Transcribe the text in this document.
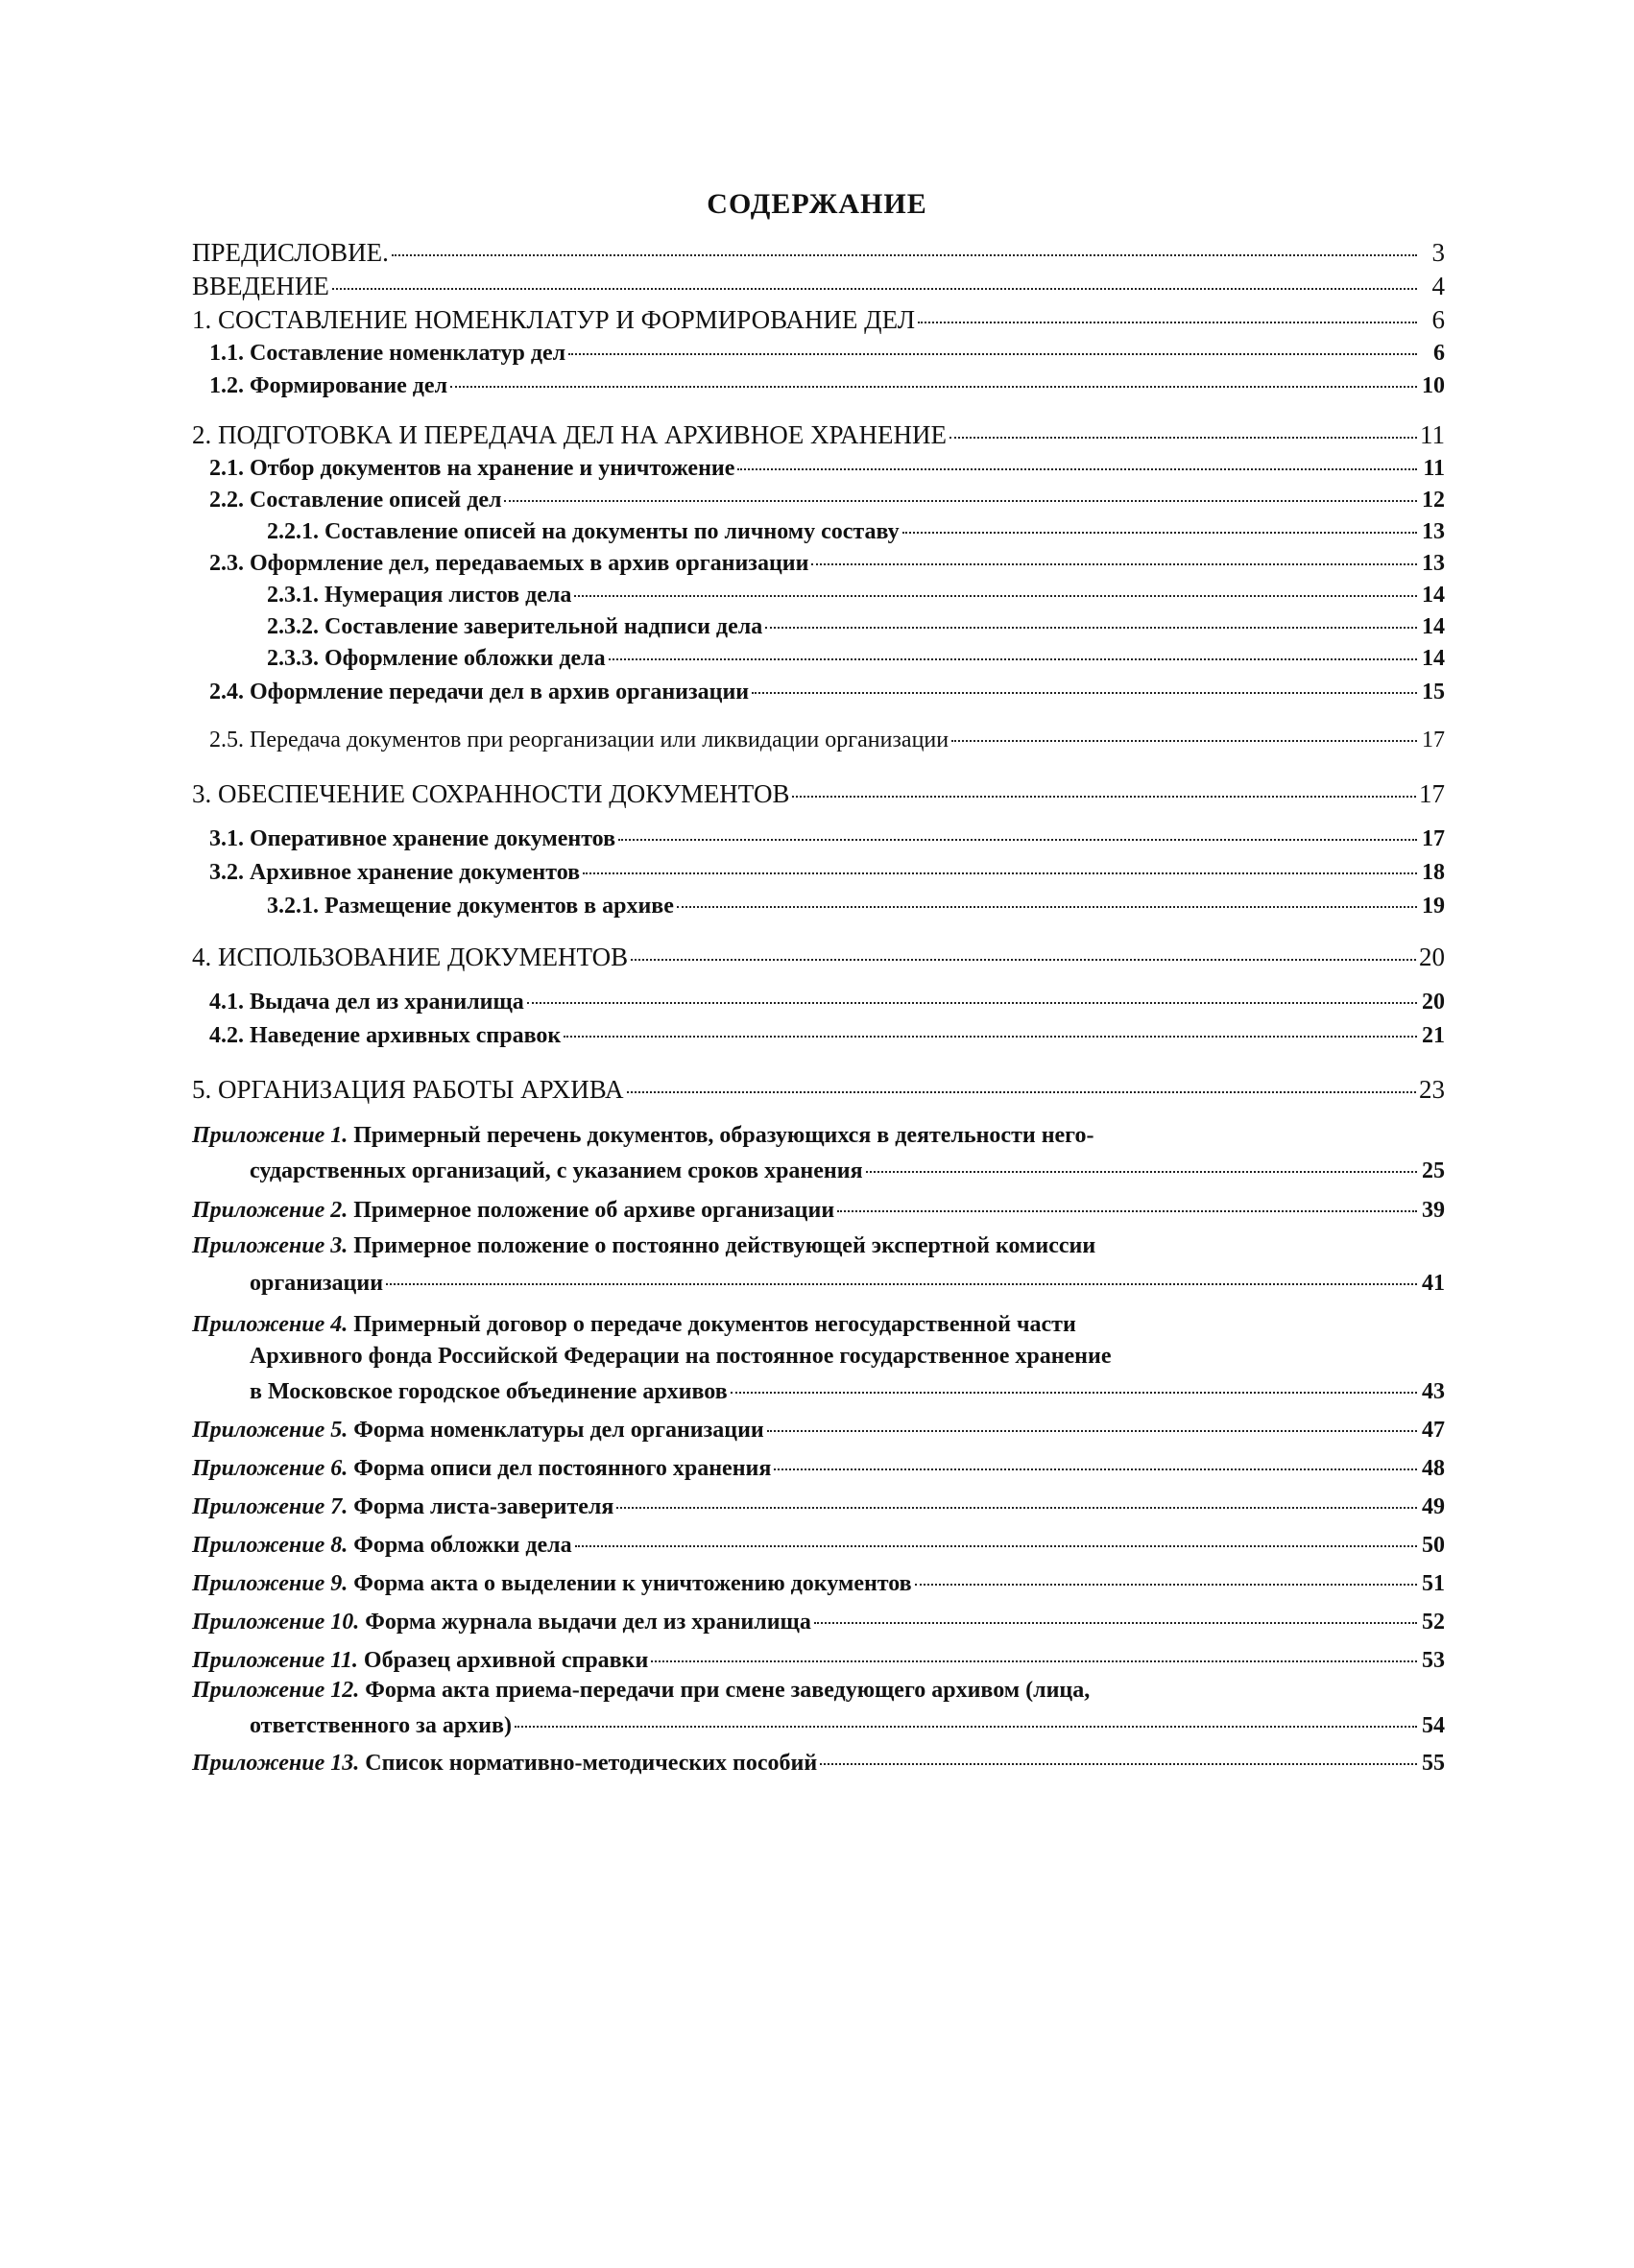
СОДЕРЖАНИЕ
ПРЕДИСЛОВИЕ.	3
ВВЕДЕНИЕ	4
1. СОСТАВЛЕНИЕ НОМЕНКЛАТУР И ФОРМИРОВАНИЕ ДЕЛ	6
1.1. Составление номенклатур дел	6
1.2. Формирование дел	10
2. ПОДГОТОВКА И ПЕРЕДАЧА ДЕЛ НА АРХИВНОЕ ХРАНЕНИЕ	11
2.1. Отбор документов на хранение и уничтожение	11
2.2. Составление описей дел	12
2.2.1. Составление описей на документы по личному составу	13
2.3. Оформление дел, передаваемых в архив организации	13
2.3.1. Нумерация листов дела	14
2.3.2. Составление заверительной надписи дела	14
2.3.3. Оформление обложки дела	14
2.4. Оформление передачи дел в архив организации	15
2.5. Передача документов при реорганизации или ликвидации организации	17
3. ОБЕСПЕЧЕНИЕ СОХРАННОСТИ ДОКУМЕНТОВ	17
3.1. Оперативное хранение документов	17
3.2. Архивное хранение документов	18
3.2.1. Размещение документов в архиве	19
4. ИСПОЛЬЗОВАНИЕ ДОКУМЕНТОВ	20
4.1. Выдача дел из хранилища	20
4.2. Наведение архивных справок	21
5. ОРГАНИЗАЦИЯ РАБОТЫ АРХИВА	23
Приложение 1. Примерный перечень документов, образующихся в деятельности него-
сударственных организаций, с указанием сроков хранения	25
Приложение 2. Примерное положение об архиве организации	39
Приложение 3. Примерное положение о постоянно действующей экспертной комиссии
организации	41
Приложение 4. Примерный договор о передаче документов негосударственной части
Архивного фонда Российской Федерации на постоянное государственное хранение
в Московское городское объединение архивов	43
Приложение 5. Форма номенклатуры дел организации	47
Приложение 6. Форма описи дел постоянного хранения	48
Приложение 7. Форма листа-заверителя	49
Приложение 8. Форма обложки дела	50
Приложение 9. Форма акта о выделении к уничтожению документов	51
Приложение 10. Форма журнала выдачи дел из хранилища	52
Приложение 11. Образец архивной справки	53
Приложение 12. Форма акта приема-передачи при смене заведующего архивом (лица,
ответственного за архив)	54
Приложение 13. Список нормативно-методических пособий	55
